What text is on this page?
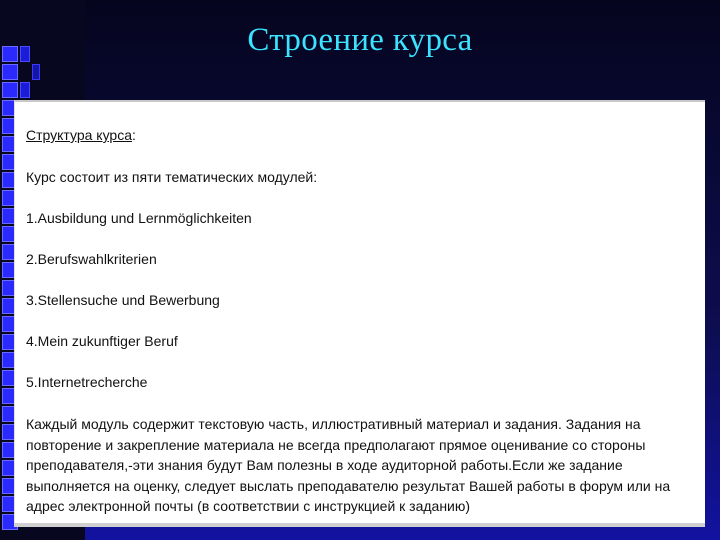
Строение курса
Структура курса:
Курс состоит из пяти тематических модулей:
1.Ausbildung und Lernmöglichkeiten
2.Berufswahlkriterien
3.Stellensuche und Bewerbung
4.Mein zukunftiger Beruf
5.Internetrecherche
Каждый модуль содержит текстовую часть, иллюстративный материал и задания. Задания на
повторение и закрепление материала не всегда предполагают прямое оценивание со стороны
преподавателя,-эти знания будут Вам полезны в ходе аудиторной работы.Если же задание
выполняется на оценку, следует выслать преподавателю результат Вашей работы в форум или на
адрес электронной почты (в соответствии с инструкцией к заданию)
